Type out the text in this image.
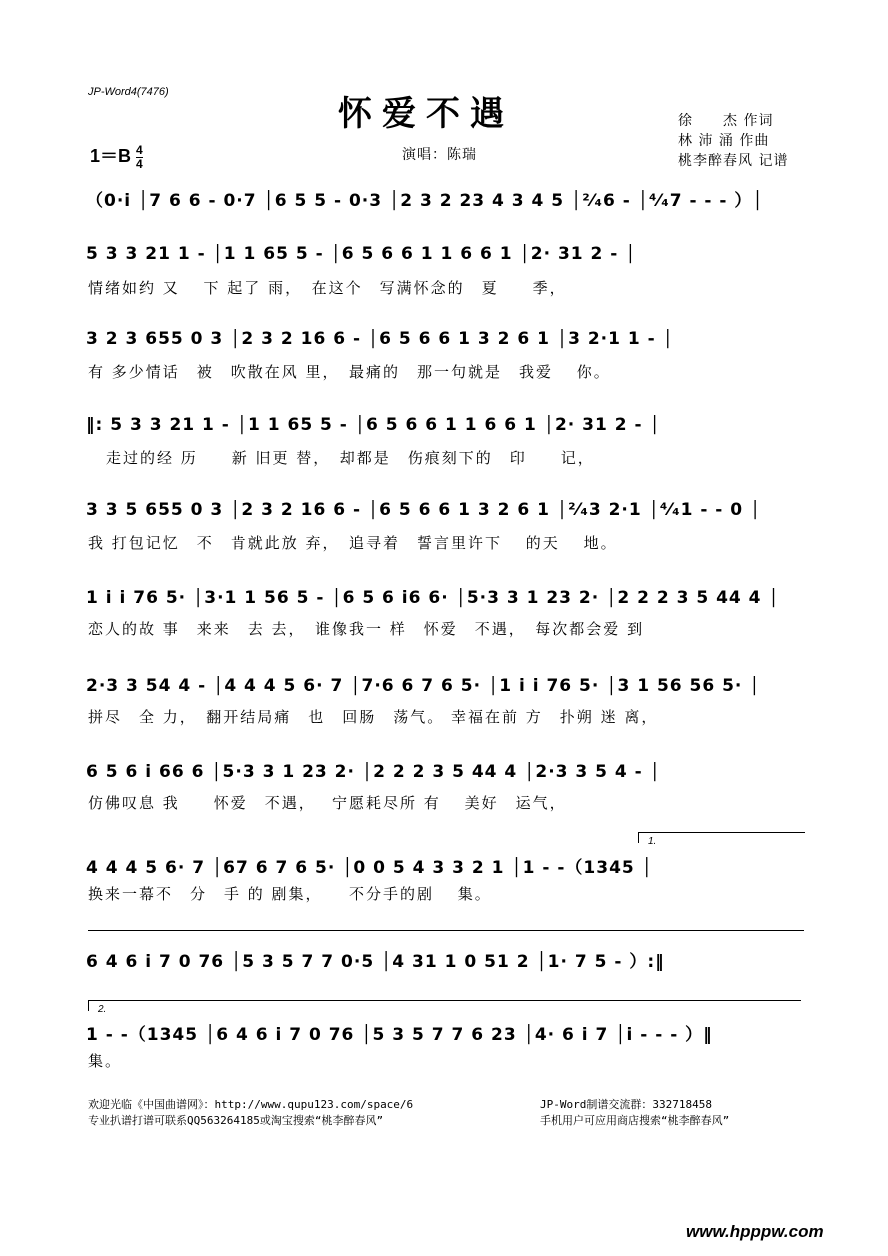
JP-Word4(7476)
怀爱不遇
$1=B \frac{4}{4}$	演唱：陈瑞
徐　　杰 作词
林 沛 涌 作曲
桃李醉春风 记谱
（0·i │7 6 6 - 0·7 │6 5 5 - 0·3 │2 3 2 23 4 3 4 5 │²⁄₄6 - │⁴⁄₄7 - - - ）│
5 3 3 21 1 - │1 1 65 5 - │6 5 6 6 1 1 6 6 1 │2· 31 2 - │
情绪如约 又　 下 起了 雨，　在这个　写满怀念的　夏　　季，
3 2 3 655 0 3 │2 3 2 16 6 - │6 5 6 6 1 3 2 6 1 │3 2·1 1 - │
有 多少情话　被　吹散在风 里，　最痛的　那一句就是　我爱　 你。
‖: 5 3 3 21 1 - │1 1 65 5 - │6 5 6 6 1 1 6 6 1 │2· 31 2 - │
走过的经 历　　新 旧更 替，　却都是　伤痕刻下的　印　　记，
3 3 5 655 0 3 │2 3 2 16 6 - │6 5 6 6 1 3 2 6 1 │²⁄₄3 2·1 │⁴⁄₄1 - - 0 │
我 打包记忆　不　肯就此放 弃，　追寻着　誓言里许下　 的天　 地。
1 i i 76 5· │3·1 1 56 5 - │6 5 6 i6 6· │5·3 3 1 23 2· │2 2 2 3 5 44 4 │
恋人的故 事　来来　去 去，　谁像我一 样　怀爱　不遇，　每次都会爱 到
2·3 3 54 4 - │4 4 4 5 6· 7 │7·6 6 7 6 5· │1 i i 76 5· │3 1 56 56 5· │
拼尽　全 力，　翻开结局痛　也　回肠　荡气。 幸福在前 方　扑朔 迷 离，
6 5 6 i 66 6 │5·3 3 1 23 2· │2 2 2 3 5 44 4 │2·3 3 5 4 - │
仿佛叹息 我　　怀爱　不遇，　 宁愿耗尽所 有　 美好　运气，
1.
4 4 4 5 6· 7 │67 6 7 6 5· │0 0 5 4 3 3 2 1 │1 - -（1345 │
换来一幕不　分　手 的 剧集，　　不分手的剧　 集。
6 4 6 i 7 0 76 │5 3 5 7 7 0·5 │4 31 1 0 51 2 │1· 7 5 - ）:‖
2.
1 - -（1345 │6 4 6 i 7 0 76 │5 3 5 7 7 6 23 │4· 6 i 7 │i - - - ）‖
集。
欢迎光临《中国曲谱网》：http://www.qupu123.com/space/6	JP-Word制谱交流群：332718458
专业扒谱打谱可联系QQ563264185或淘宝搜索“桃李醉春风”	手机用户可应用商店搜索“桃李醉春风”
www.hpppw.com
